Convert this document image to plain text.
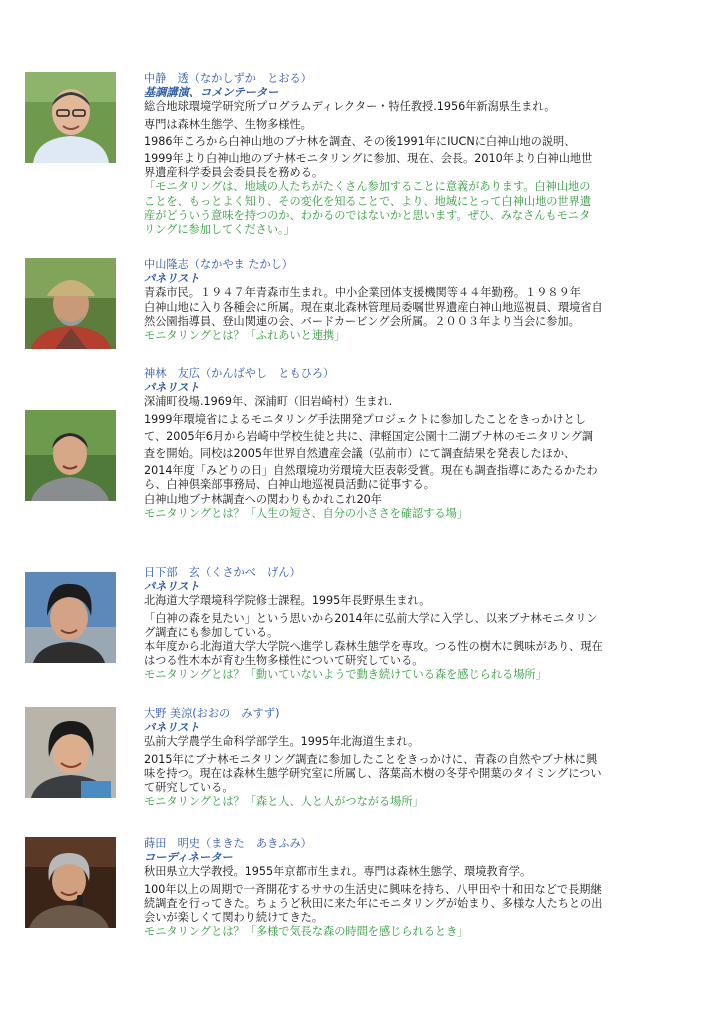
中静　透（なかしずか　とおる）
基調講演、コメンテーター
総合地球環境学研究所プログラムディレクター・特任教授.1956年新潟県生まれ。
専門は森林生態学、生物多様性。
1986年ころから白神山地のブナ林を調査、その後1991年にIUCNに白神山地の説明、
1999年より白神山地のブナ林モニタリングに参加、現在、会長。2010年より白神山地世
界遺産科学委員会委員長を務める。
「モニタリングは、地域の人たちがたくさん参加することに意義があります。白神山地の
ことを、もっとよく知り、その変化を知ることで、より、地域にとって白神山地の世界遺
産がどういう意味を持つのか、わかるのではないかと思います。ぜひ、みなさんもモニタ
リングに参加してください。」
中山隆志（なかやま たかし）
パネリスト
青森市民。１９４７年青森市生まれ。中小企業団体支援機関等４４年勤務。１９８９年
白神山地に入り各種会に所属。現在東北森林管理局委嘱世界遺産白神山地巡視員、環境省自
然公園指導員、登山関連の会、バードカービング会所属。２００３年より当会に参加。
モニタリングとは？「ふれあいと連携」
神林　友広（かんばやし　ともひろ）
パネリスト
深浦町役場.1969年、深浦町（旧岩崎村）生まれ.
1999年環境省によるモニタリング手法開発プロジェクトに参加したことをきっかけとし
て、2005年6月から岩崎中学校生徒と共に、津軽国定公園十二湖ブナ林のモニタリング調
査を開始。同校は2005年世界自然遺産会議（弘前市）にて調査結果を発表したほか、
2014年度「みどりの日」自然環境功労環境大臣表彰受賞。現在も調査指導にあたるかたわ
ら、白神倶楽部事務局、白神山地巡視員活動に従事する。
白神山地ブナ林調査への関わりもかれこれ20年
モニタリングとは？「人生の短さ、自分の小ささを確認する場」
日下部　玄（くさかべ　げん）
パネリスト
北海道大学環境科学院修士課程。1995年長野県生まれ。
「白神の森を見たい」という思いから2014年に弘前大学に入学し、以来ブナ林モニタリン
グ調査にも参加している。
本年度から北海道大学大学院へ進学し森林生態学を専攻。つる性の樹木に興味があり、現在
はつる性木本が育む生物多様性について研究している。
モニタリングとは？「動いていないようで動き続けている森を感じられる場所」
大野 美涼(おおの　みすず)
パネリスト
弘前大学農学生命科学部学生。1995年北海道生まれ。
2015年にブナ林モニタリング調査に参加したことをきっかけに、青森の自然やブナ林に興
味を持つ。現在は森林生態学研究室に所属し、落葉高木樹の冬芽や開葉のタイミングについ
て研究している。
モニタリングとは？「森と人、人と人がつながる場所」
蒔田　明史（まきた　あきふみ）
コーディネーター
秋田県立大学教授。1955年京都市生まれ。専門は森林生態学、環境教育学。
100年以上の周期で一斉開花するササの生活史に興味を持ち、八甲田や十和田などで長期継
続調査を行ってきた。ちょうど秋田に来た年にモニタリングが始まり、多様な人たちとの出
会いが楽しくて関わり続けてきた。
モニタリングとは？「多様で気長な森の時間を感じられるとき」
